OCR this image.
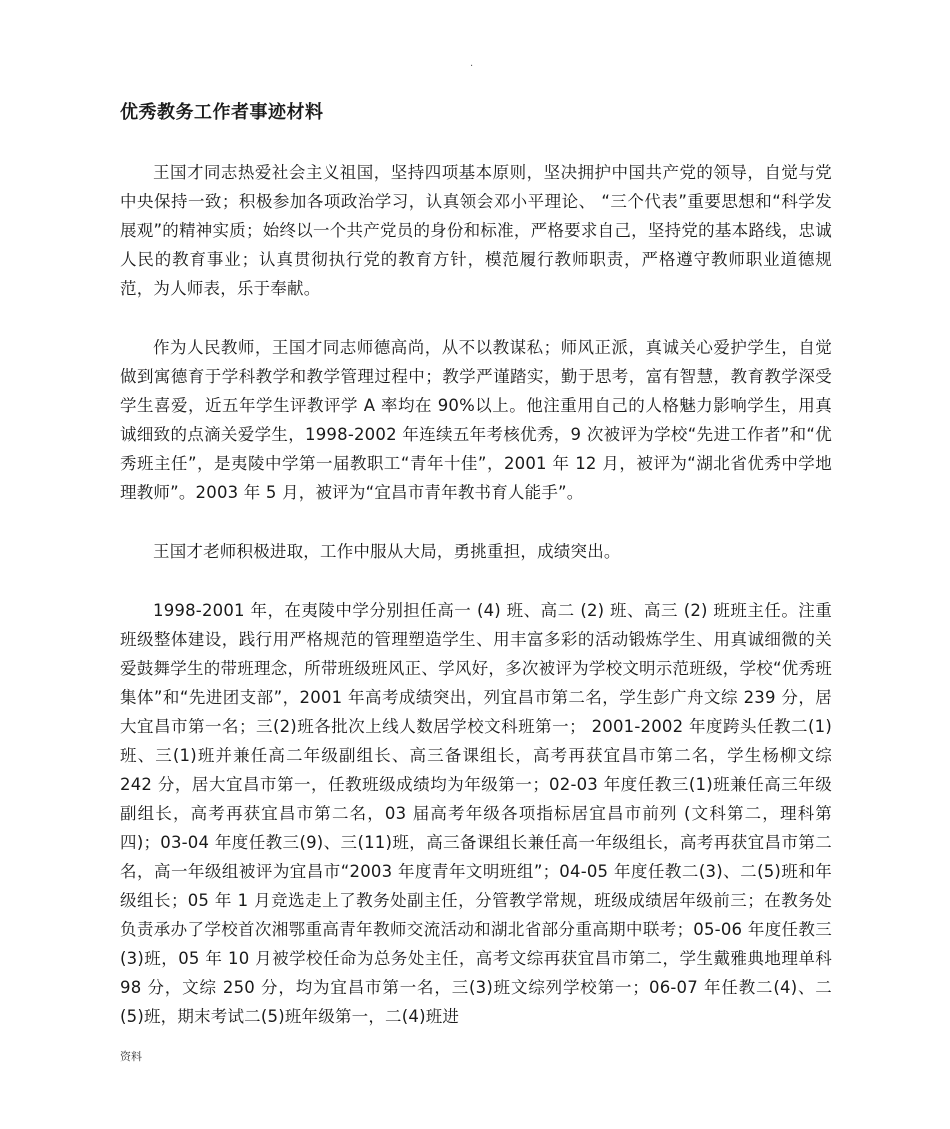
.
优秀教务工作者事迹材料

王国才同志热爱社会主义祖国，坚持四项基本原则，坚决拥护中国共产党的领导，自觉与党中央保持一致；积极参加各项政治学习，认真领会邓小平理论、 “三个代表”重要思想和“科学发展观”的精神实质；始终以一个共产党员的身份和标准，严格要求自己，坚持党的基本路线，忠诚人民的教育事业；认真贯彻执行党的教育方针，模范履行教师职责，严格遵守教师职业道德规范，为人师表，乐于奉献。

作为人民教师，王国才同志师德高尚，从不以教谋私；师风正派，真诚关心爱护学生，自觉做到寓德育于学科教学和教学管理过程中；教学严谨踏实，勤于思考，富有智慧，教育教学深受学生喜爱，近五年学生评教评学 A 率均在 90%以上。他注重用自己的人格魅力影响学生，用真诚细致的点滴关爱学生，1998-2002 年连续五年考核优秀，9 次被评为学校“先进工作者”和“优秀班主任”，是夷陵中学第一届教职工“青年十佳”，2001 年 12 月，被评为“湖北省优秀中学地理教师”。2003 年 5 月，被评为“宜昌市青年教书育人能手”。

王国才老师积极进取，工作中服从大局，勇挑重担，成绩突出。

1998-2001 年，在夷陵中学分别担任高一 (4) 班、高二 (2) 班、高三 (2) 班班主任。注重班级整体建设，践行用严格规范的管理塑造学生、用丰富多彩的活动锻炼学生、用真诚细微的关爱鼓舞学生的带班理念，所带班级班风正、学风好，多次被评为学校文明示范班级，学校“优秀班集体”和“先进团支部”，2001 年高考成绩突出，列宜昌市第二名，学生彭广舟文综 239 分，居大宜昌市第一名；三(2)班各批次上线人数居学校文科班第一； 2001-2002 年度跨头任教二(1)班、三(1)班并兼任高二年级副组长、高三备课组长，高考再获宜昌市第二名，学生杨柳文综 242 分，居大宜昌市第一，任教班级成绩均为年级第一；02-03 年度任教三(1)班兼任高三年级副组长，高考再获宜昌市第二名，03 届高考年级各项指标居宜昌市前列 (文科第二，理科第四)；03-04 年度任教三(9)、三(11)班，高三备课组长兼任高一年级组长，高考再获宜昌市第二名，高一年级组被评为宜昌市“2003 年度青年文明班组”；04-05 年度任教二(3)、二(5)班和年级组长；05 年 1 月竞选走上了教务处副主任，分管教学常规，班级成绩居年级前三；在教务处负责承办了学校首次湘鄂重高青年教师交流活动和湖北省部分重高期中联考；05-06 年度任教三(3)班，05 年 10 月被学校任命为总务处主任，高考文综再获宜昌市第二，学生戴雅典地理单科 98 分，文综 250 分，均为宜昌市第一名，三(3)班文综列学校第一；06-07 年任教二(4)、二(5)班，期末考试二(5)班年级第一，二(4)班进

资料
